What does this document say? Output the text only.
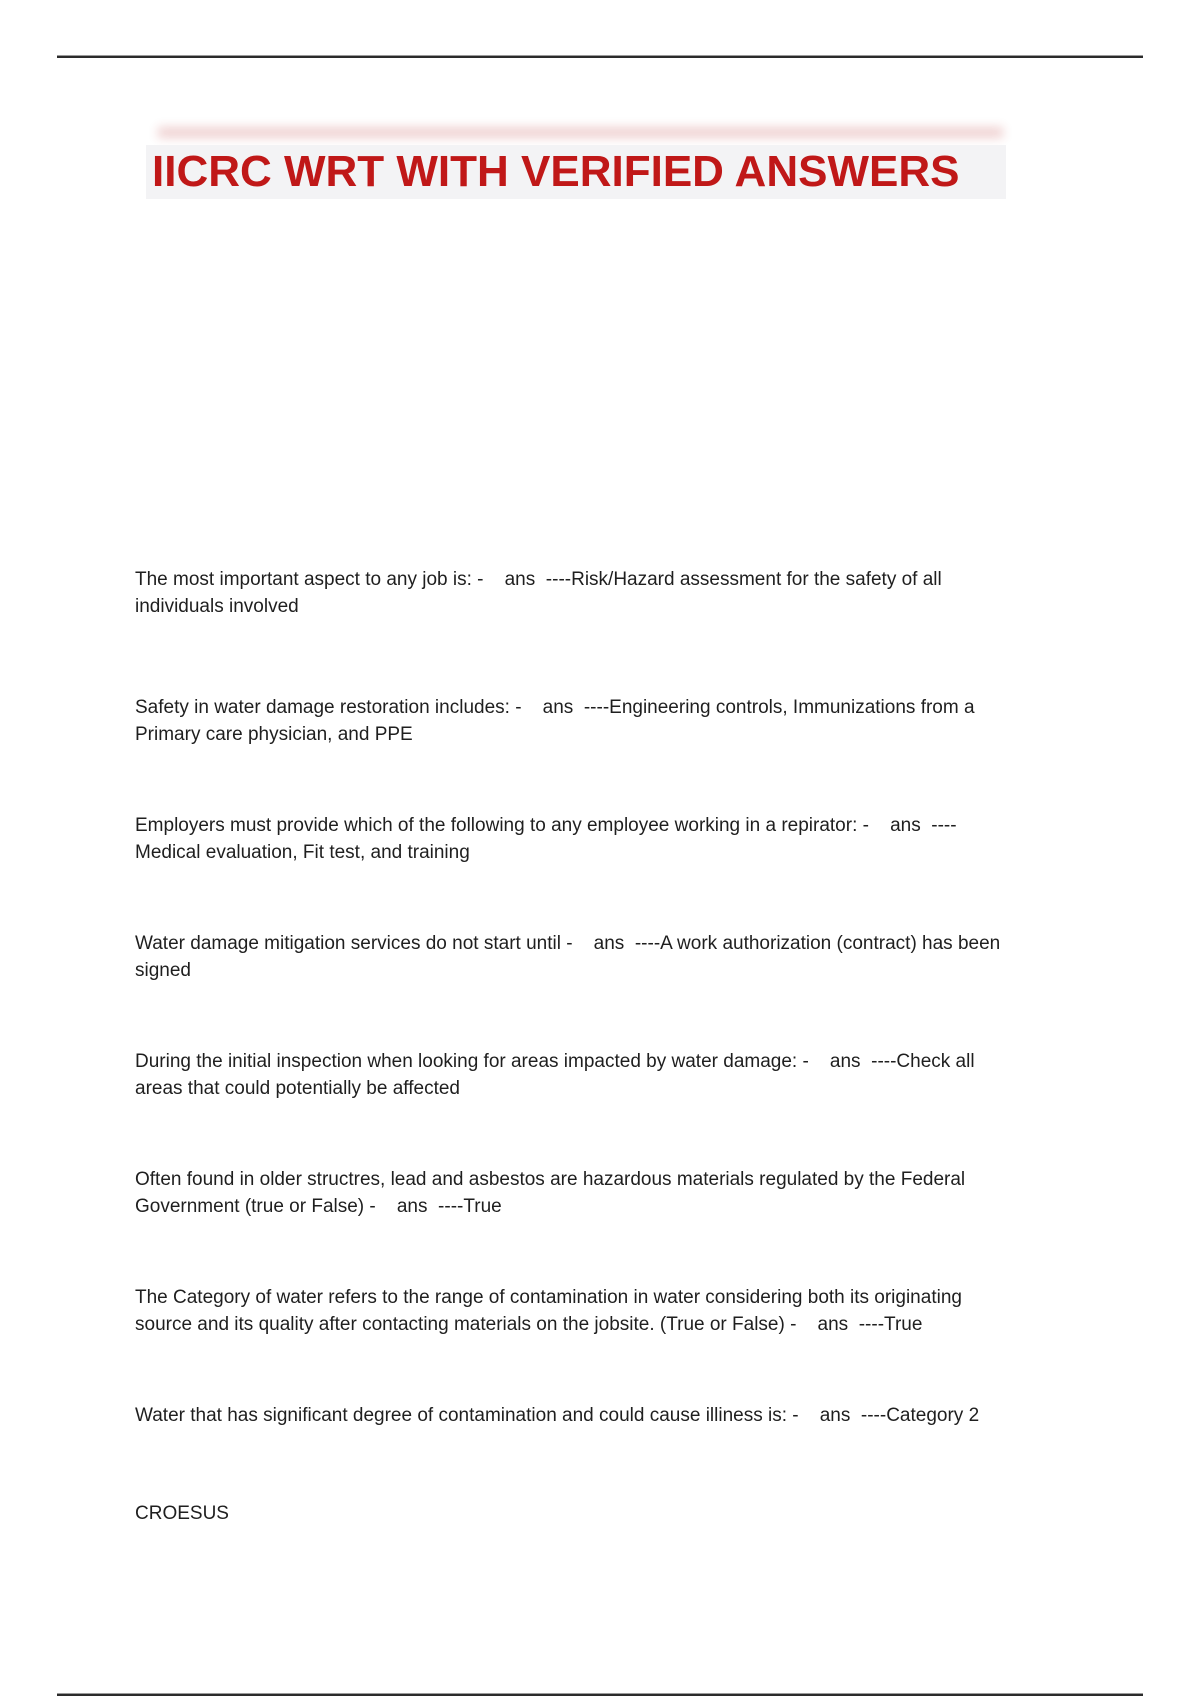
IICRC WRT WITH VERIFIED ANSWERS
The most important aspect to any job is: -    ans  ----Risk/Hazard assessment for the safety of all
individuals involved
Safety in water damage restoration includes: -    ans  ----Engineering controls, Immunizations from a
Primary care physician, and PPE
Employers must provide which of the following to any employee working in a repirator: -    ans  ----
Medical evaluation, Fit test, and training
Water damage mitigation services do not start until -    ans  ----A work authorization (contract) has been
signed
During the initial inspection when looking for areas impacted by water damage: -    ans  ----Check all
areas that could potentially be affected
Often found in older structres, lead and asbestos are hazardous materials regulated by the Federal
Government (true or False) -    ans  ----True
The Category of water refers to the range of contamination in water considering both its originating
source and its quality after contacting materials on the jobsite. (True or False) -    ans  ----True
Water that has significant degree of contamination and could cause illiness is: -    ans  ----Category 2
CROESUS
